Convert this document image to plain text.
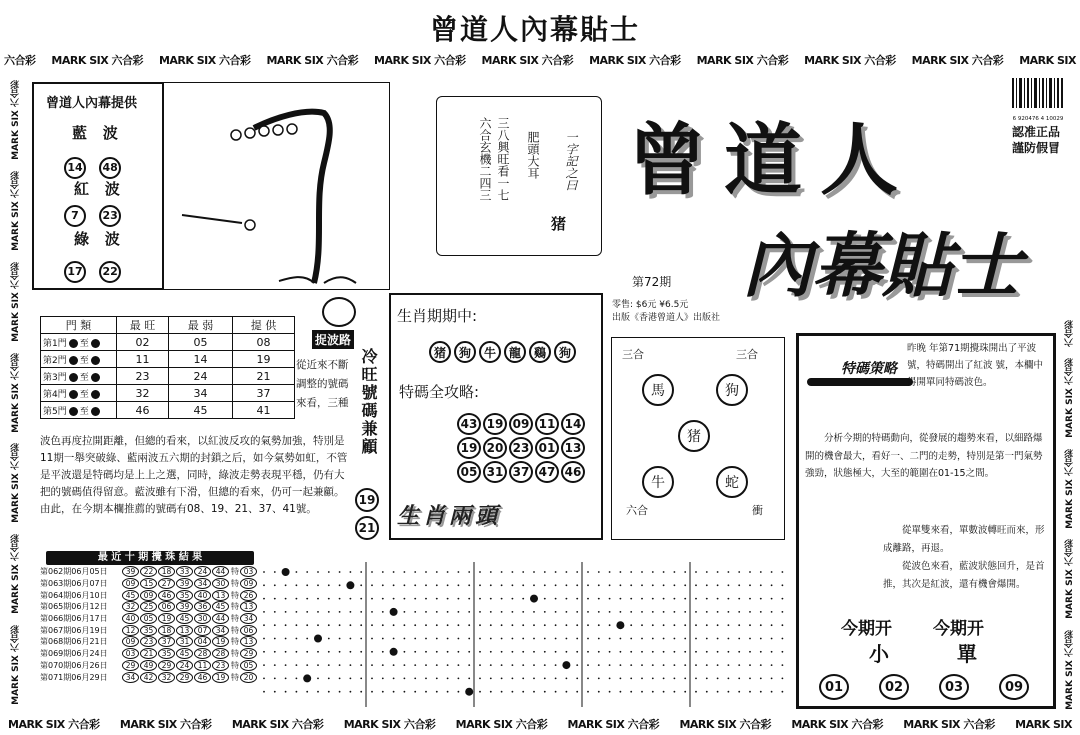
曾道人內幕貼士
六合彩 MARK SIX 六合彩 MARK SIX 六合彩 MARK SIX 六合彩 MARK SIX 六合彩 MARK SIX 六合彩 MARK SIX 六合彩 MARK SIX 六合彩 MARK SIX 六合彩 MARK SIX 六合彩 MARK SIX
MARK SIX 六合彩 MARK SIX 六合彩 MARK SIX 六合彩 MARK SIX 六合彩 MARK SIX 六合彩 MARK SIX 六合彩 MARK SIX 六合彩 MARK SIX 六合彩 MARK SIX 六合彩 MARK SIX
MARK SIX 六合彩
MARK SIX 六合彩
MARK SIX 六合彩
MARK SIX 六合彩
MARK SIX 六合彩
MARK SIX 六合彩
MARK SIX 六合彩
六合彩
MARK SIX 六合彩
MARK SIX 六合彩
MARK SIX 六合彩
MARK SIX 六合彩
曾道人內幕提供
藍 波
14 48
紅 波
7 23
綠 波
17 22
六合玄機二四三 三八興旺看一七 肥頭大耳 一字記之曰
猪
曾道人
內幕貼士
6 920476 4 10029
認准正品
謹防假冒
第72期
零售: $6元 ¥6.5元
出版《香港曾道人》出版社
門 類	最 旺	最 弱	提 供
第1門 至	02	05	08
第2門 至	11	14	19
第3門 至	23	24	21
第4門 至	32	34	37
第5門 至	46	45	41
捉波路
冷旺號碼兼顧
從近來不斷調整的號碼來看，三種
19
21
波色再度拉開距離，但總的看來，以紅波反攻的氣勢加強，特別是11期一舉突破綠、藍兩波五六期的封鎖之后，如今氣勢如虹，不管是平波還是特碼均是上上之選，同時，綠波走勢表現平穩，仍有大把的號碼值得留意。藍波雖有下滑，但總的看來，仍可一起兼顧。由此，在今期本欄推薦的號碼有08、19、21、37、41號。
生肖期期中:
猪	狗	牛	龍	鷄	狗
特碼全攻略:
43 19 09 11 14
19 20 23 01 13
05 31 37 47 46
生肖兩頭
三合	三合
馬	狗
猪
牛	蛇
六合	衝
特碼策略
昨晚 年第71期攪珠開出了平波 號，特碼開出了紅波 號，本欄中得開單同特碼波色。
分析今期的特碼動向，從發展的趨勢來看，以細路爆開的機會最大，看好一、二門的走勢，特別是第一門氣勢強勁，狀態極大，大至的範圍在01-15之間。
從單雙來看，單數波轉旺而來，形成離路，再退。
從波色來看，藍波狀態回升，是首推，其次是紅波，還有機會爆開。
今期开
小
今期开
單
01	02	03	09
最 近 十 期 攪 珠 結 果
第062期06月05日	39	22	18	33	24	44 特 03
第063期06月07日	09	15	27	39	34	30 特 09
第064期06月10日	45	09	46	35	40	13 特 26
第065期06月12日	32	25	06	39	36	45 特 13
第066期06月17日	40	05	19	45	30	44 特 34
第067期06月19日	12	35	18	13	07	34 特 06
第068期06月21日	09	23	37	31	04	19 特 13
第069期06月24日	03	21	35	45	28	28 特 29
第070期06月26日	29	49	29	24	11	23 特 05
第071期06月29日	34	42	32	29	46	19 特 20
